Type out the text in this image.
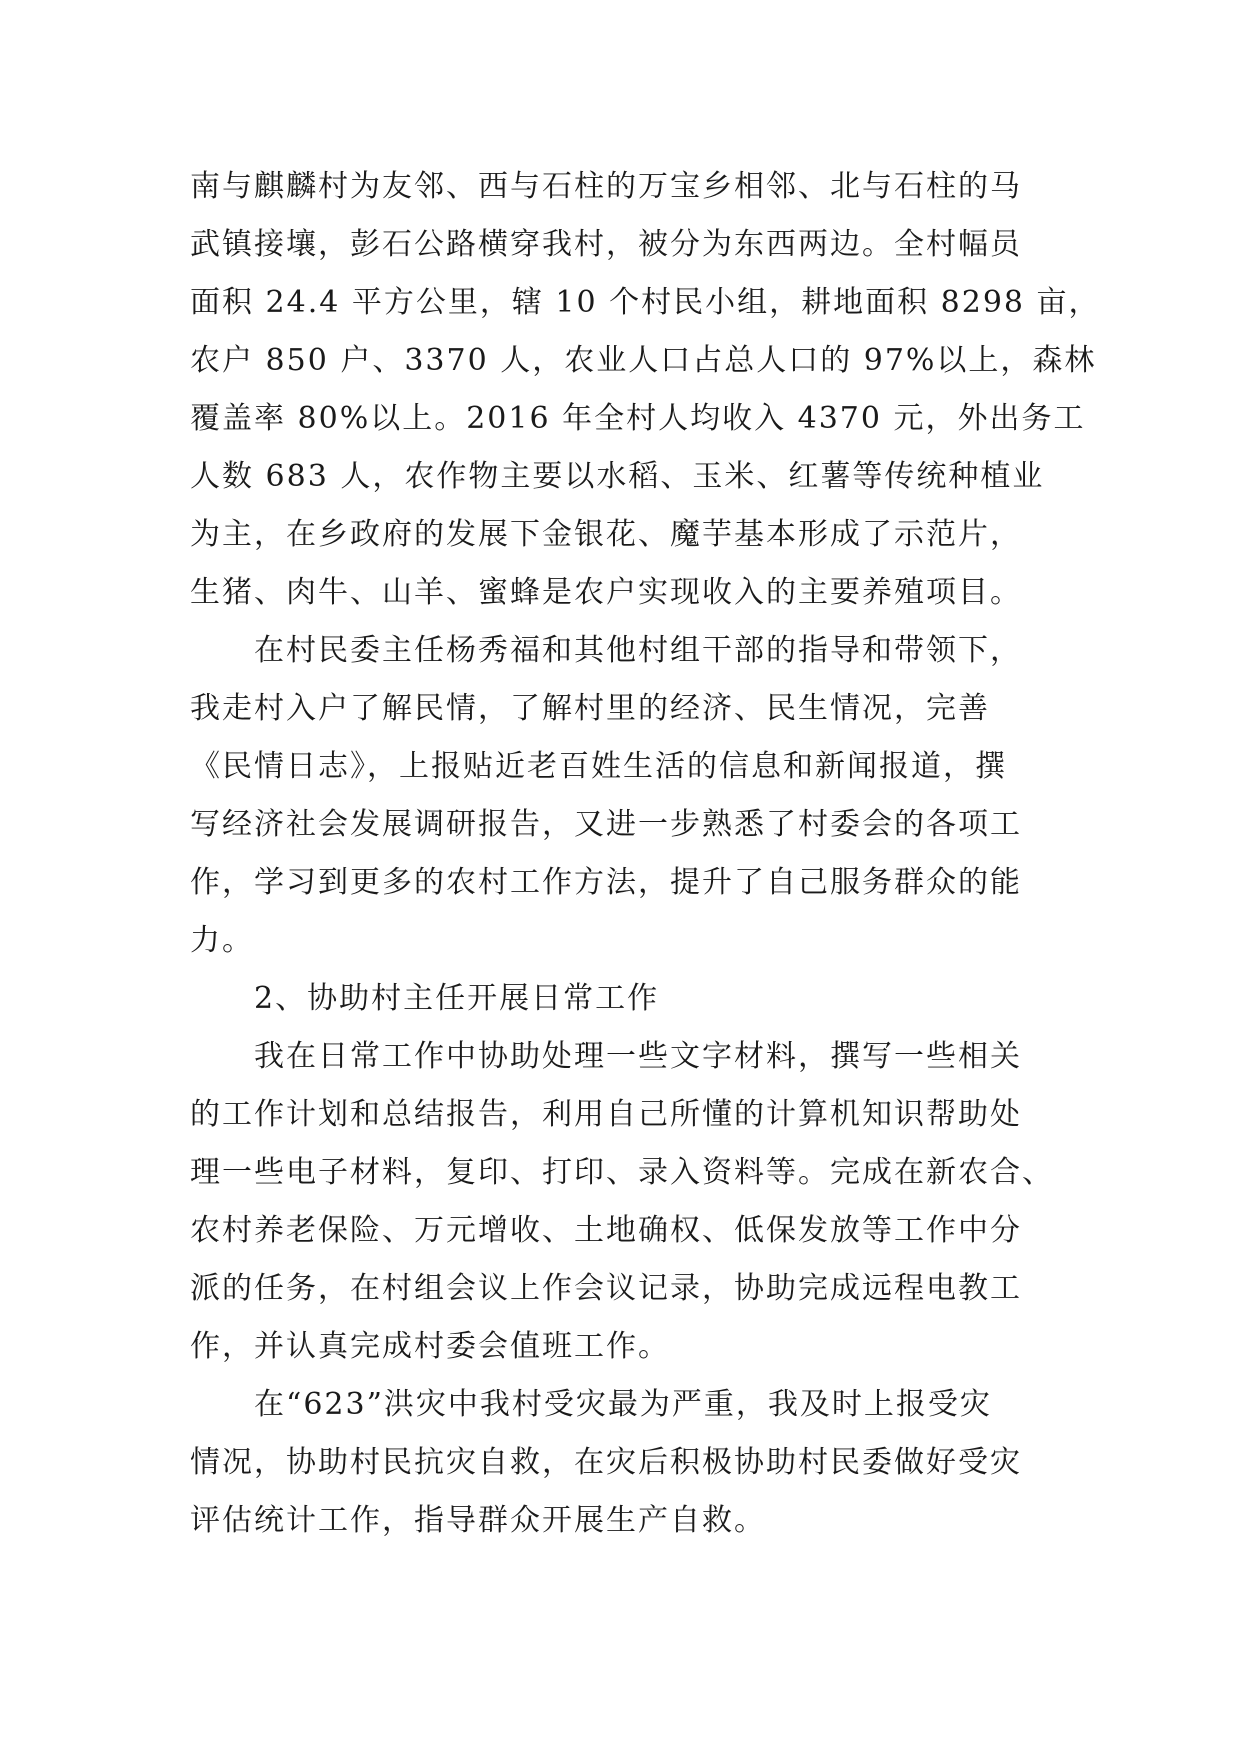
南与麒麟村为友邻、西与石柱的万宝乡相邻、北与石柱的马
武镇接壤，彭石公路横穿我村，被分为东西两边。全村幅员
面积 24.4 平方公里，辖 10 个村民小组，耕地面积 8298 亩，
农户 850 户、3370 人，农业人口占总人口的 97%以上，森林
覆盖率 80%以上。2016 年全村人均收入 4370 元，外出务工
人数 683 人，农作物主要以水稻、玉米、红薯等传统种植业
为主，在乡政府的发展下金银花、魔芋基本形成了示范片，
生猪、肉牛、山羊、蜜蜂是农户实现收入的主要养殖项目。
在村民委主任杨秀福和其他村组干部的指导和带领下，
我走村入户了解民情，了解村里的经济、民生情况，完善
《民情日志》，上报贴近老百姓生活的信息和新闻报道，撰
写经济社会发展调研报告，又进一步熟悉了村委会的各项工
作，学习到更多的农村工作方法，提升了自己服务群众的能
力。
2、协助村主任开展日常工作
我在日常工作中协助处理一些文字材料，撰写一些相关
的工作计划和总结报告，利用自己所懂的计算机知识帮助处
理一些电子材料，复印、打印、录入资料等。完成在新农合、
农村养老保险、万元增收、土地确权、低保发放等工作中分
派的任务，在村组会议上作会议记录，协助完成远程电教工
作，并认真完成村委会值班工作。
在“623”洪灾中我村受灾最为严重，我及时上报受灾
情况，协助村民抗灾自救，在灾后积极协助村民委做好受灾
评估统计工作，指导群众开展生产自救。
